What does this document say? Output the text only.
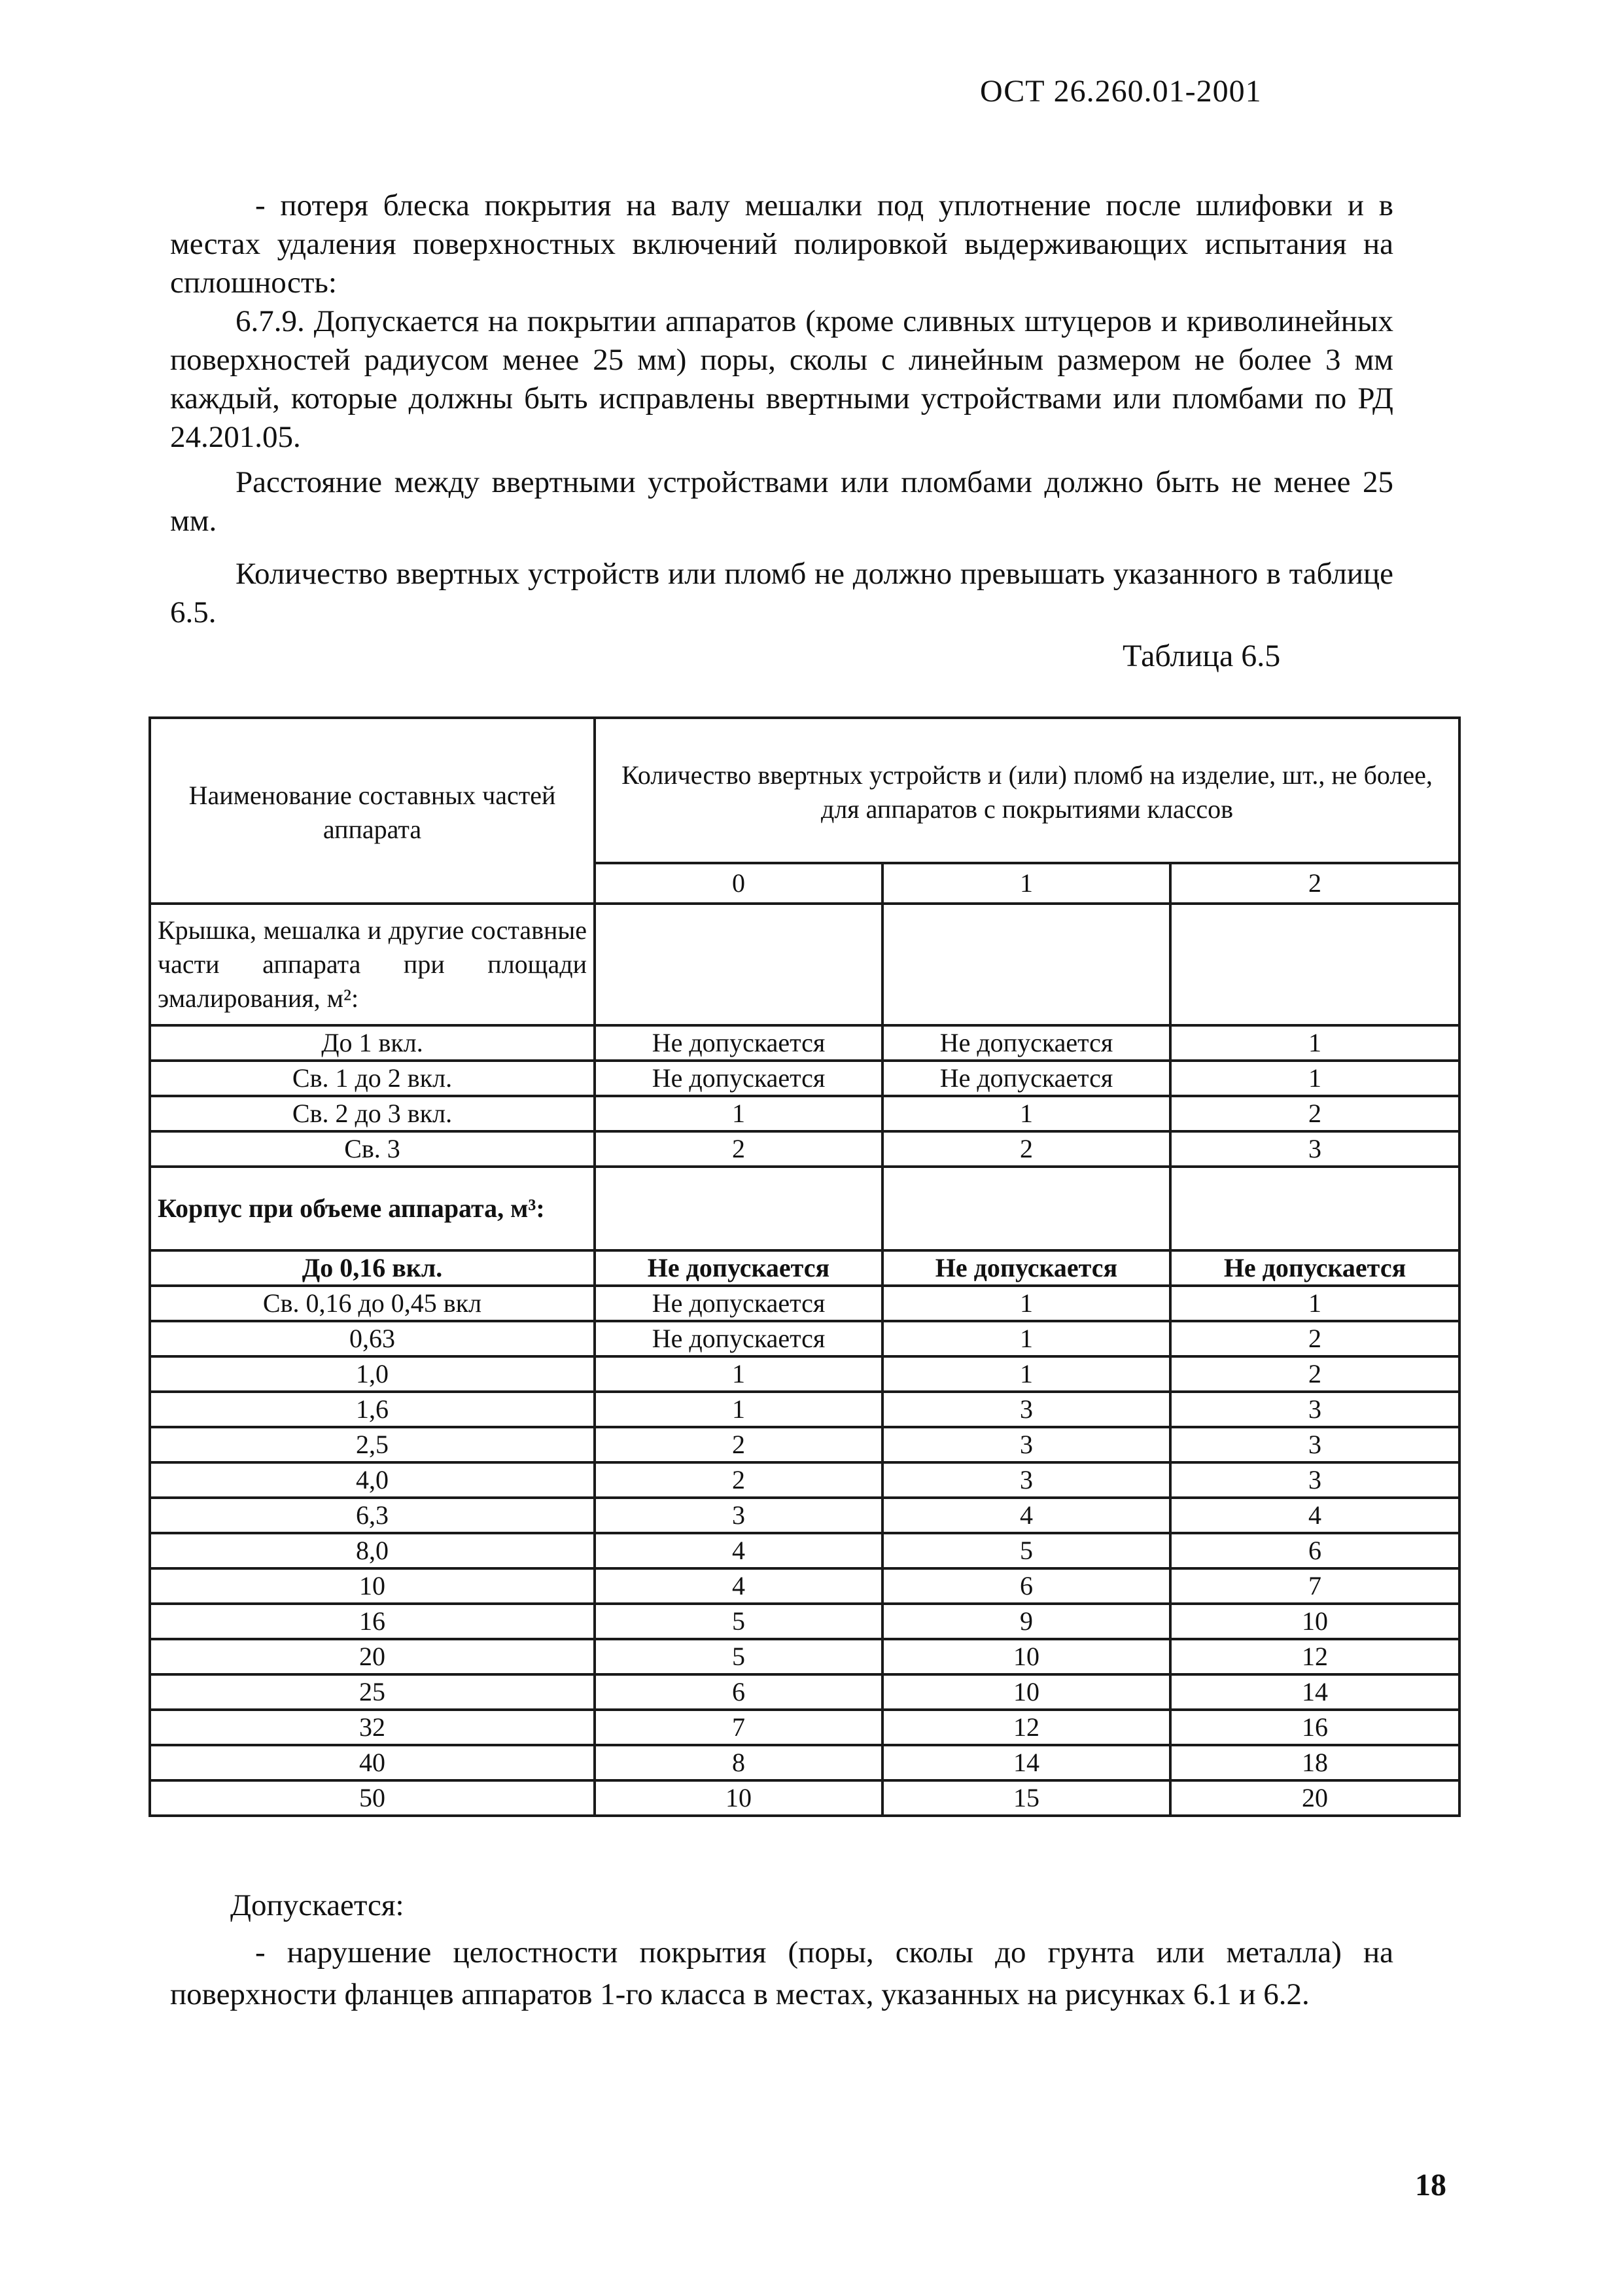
ОСТ 26.260.01-2001

- потеря блеска покрытия на валу мешалки под уплотнение после шлифовки и в местах удаления поверхностных включений полировкой выдерживающих испытания на сплошность:

6.7.9. Допускается на покрытии аппаратов (кроме сливных штуцеров и криволинейных поверхностей радиусом менее 25 мм) поры, сколы с линейным размером не более 3 мм каждый, которые должны быть исправлены ввертными устройствами или пломбами по РД 24.201.05.

Расстояние между ввертными устройствами или пломбами должно быть не менее 25 мм.

Количество ввертных устройств или пломб не должно превышать указанного в таблице 6.5.

Таблица 6.5
Наименование составных частей аппарата	Количество ввертных устройств и (или) пломб на изделие, шт., не более, для аппаратов с покрытиями классов		
	0	1	2
Крышка, мешалка и другие составные части аппарата при площади эмалирования, м²:			
До 1 вкл.	Не допускается	Не допускается	1
Св. 1 до 2 вкл.	Не допускается	Не допускается	1
Св. 2 до 3 вкл.	1	1	2
Св. 3	2	2	3
Корпус при объеме аппарата, м³:			
До 0,16 вкл.	Не допускается	Не допускается	Не допускается
Св. 0,16 до 0,45 вкл	Не допускается	1	1
0,63	Не допускается	1	2
1,0	1	1	2
1,6	1	3	3
2,5	2	3	3
4,0	2	3	3
6,3	3	4	4
8,0	4	5	6
10	4	6	7
16	5	9	10
20	5	10	12
25	6	10	14
32	7	12	16
40	8	14	18
50	10	15	20

Допускается:

- нарушение целостности покрытия (поры, сколы до грунта или металла) на поверхности фланцев аппаратов 1-го класса в местах, указанных на рисунках 6.1 и 6.2.

18
